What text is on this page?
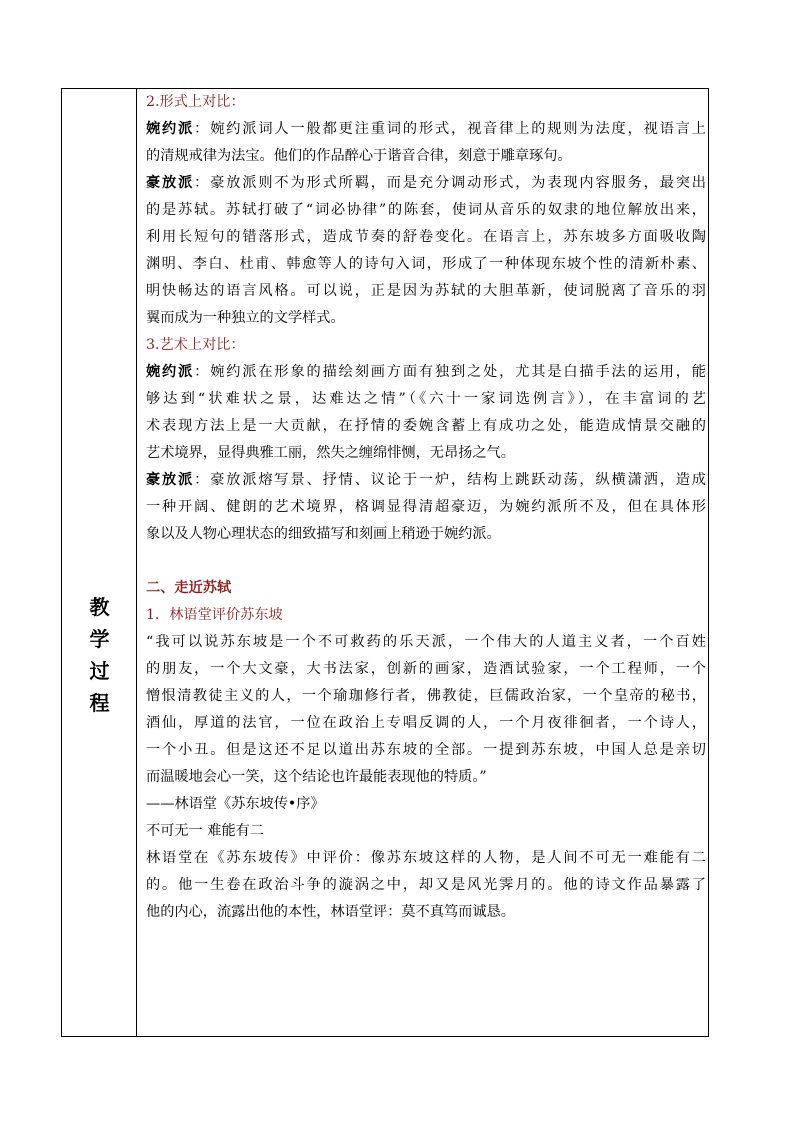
教
学
过
程
2.形式上对比：
婉约派：婉约派词人一般都更注重词的形式，视音律上的规则为法度，视语言上
的清规戒律为法宝。他们的作品醉心于谐音合律，刻意于雕章琢句。
豪放派：豪放派则不为形式所羁，而是充分调动形式，为表现内容服务，最突出
的是苏轼。苏轼打破了“词必协律”的陈套，使词从音乐的奴隶的地位解放出来，
利用长短句的错落形式，造成节奏的舒卷变化。在语言上，苏东坡多方面吸收陶
渊明、李白、杜甫、韩愈等人的诗句入词，形成了一种体现东坡个性的清新朴素、
明快畅达的语言风格。可以说，正是因为苏轼的大胆革新，使词脱离了音乐的羽
翼而成为一种独立的文学样式。
3.艺术上对比：
婉约派：婉约派在形象的描绘刻画方面有独到之处，尤其是白描手法的运用，能
够达到“状难状之景，达难达之情”（《六十一家词选例言》），在丰富词的艺
术表现方法上是一大贡献，在抒情的委婉含蓄上有成功之处，能造成情景交融的
艺术境界，显得典雅工丽，然失之缠绵悱恻，无昂扬之气。
豪放派：豪放派熔写景、抒情、议论于一炉，结构上跳跃动荡，纵横潇洒，造成
一种开阔、健朗的艺术境界，格调显得清超豪迈，为婉约派所不及，但在具体形
象以及人物心理状态的细致描写和刻画上稍逊于婉约派。
二、走近苏轼
1．林语堂评价苏东坡
“我可以说苏东坡是一个不可救药的乐天派，一个伟大的人道主义者，一个百姓
的朋友，一个大文豪，大书法家，创新的画家，造酒试验家，一个工程师，一个
憎恨清教徒主义的人，一个瑜珈修行者，佛教徒，巨儒政治家，一个皇帝的秘书，
酒仙，厚道的法官，一位在政治上专唱反调的人，一个月夜徘徊者，一个诗人，
一个小丑。但是这还不足以道出苏东坡的全部。一提到苏东坡，中国人总是亲切
而温暖地会心一笑，这个结论也许最能表现他的特质。”
——林语堂《苏东坡传•序》
不可无一 难能有二
林语堂在《苏东坡传》中评价：像苏东坡这样的人物，是人间不可无一难能有二
的。他一生卷在政治斗争的漩涡之中，却又是风光霁月的。他的诗文作品暴露了
他的内心，流露出他的本性，林语堂评：莫不真笃而诚恳。
